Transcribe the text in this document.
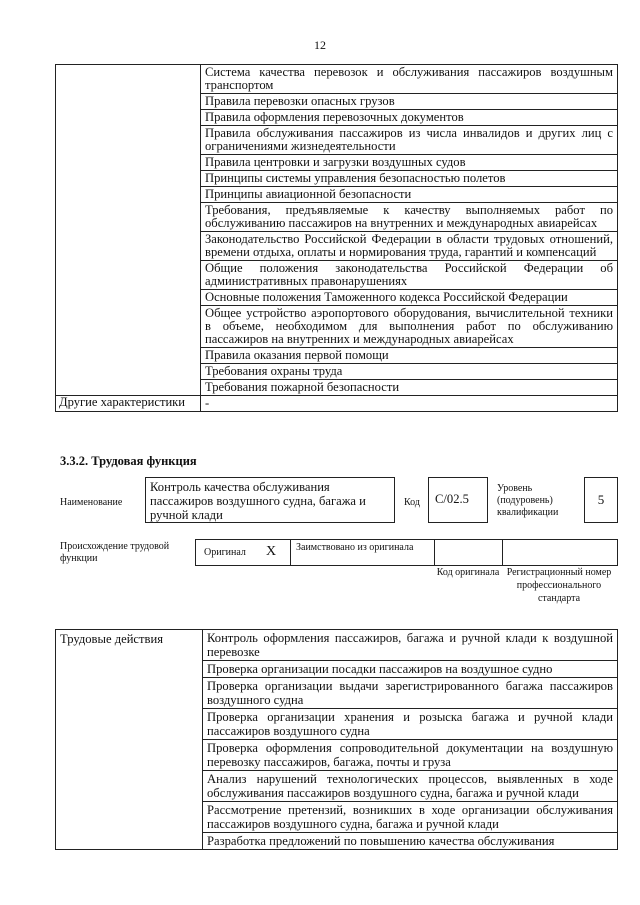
12
	Система качества перевозок и обслуживания пассажиров воздушным транспортом
	Правила перевозки опасных грузов
	Правила оформления перевозочных документов
	Правила обслуживания пассажиров из числа инвалидов и других лиц с ограничениями жизнедеятельности
	Правила центровки и загрузки воздушных судов
	Принципы системы управления безопасностью полетов
	Принципы авиационной безопасности
	Требования, предъявляемые к качеству выполняемых работ по обслуживанию пассажиров на внутренних и международных авиарейсах
	Законодательство Российской Федерации в области трудовых отношений, времени отдыха, оплаты и нормирования труда, гарантий и компенсаций
	Общие положения законодательства Российской Федерации об административных правонарушениях
	Основные положения Таможенного кодекса Российской Федерации
	Общее устройство аэропортового оборудования, вычислительной техники в объеме, необходимом для выполнения работ по обслуживанию пассажиров на внутренних и международных авиарейсах
	Правила оказания первой помощи
	Требования охраны труда
	Требования пожарной безопасности
Другие характеристики	-
3.3.2. Трудовая функция
Наименование
Контроль качества обслуживания пассажиров воздушного судна, багажа и ручной клади
Код	C/02.5
Уровень (подуровень) квалификации
5
Происхождение трудовой функции
Оригинал X Заимствовано из оригинала
Код оригинала Регистрационный номер профессионального стандарта
Трудовые действия	Контроль оформления пассажиров, багажа и ручной клади к воздушной перевозке
Проверка организации посадки пассажиров на воздушное судно
Проверка организации выдачи зарегистрированного багажа пассажиров воздушного судна
Проверка организации хранения и розыска багажа и ручной клади пассажиров воздушного судна
Проверка оформления сопроводительной документации на воздушную перевозку пассажиров, багажа, почты и груза
Анализ нарушений технологических процессов, выявленных в ходе обслуживания пассажиров воздушного судна, багажа и ручной клади
Рассмотрение претензий, возникших в ходе организации обслуживания пассажиров воздушного судна, багажа и ручной клади
Разработка предложений по повышению качества обслуживания
